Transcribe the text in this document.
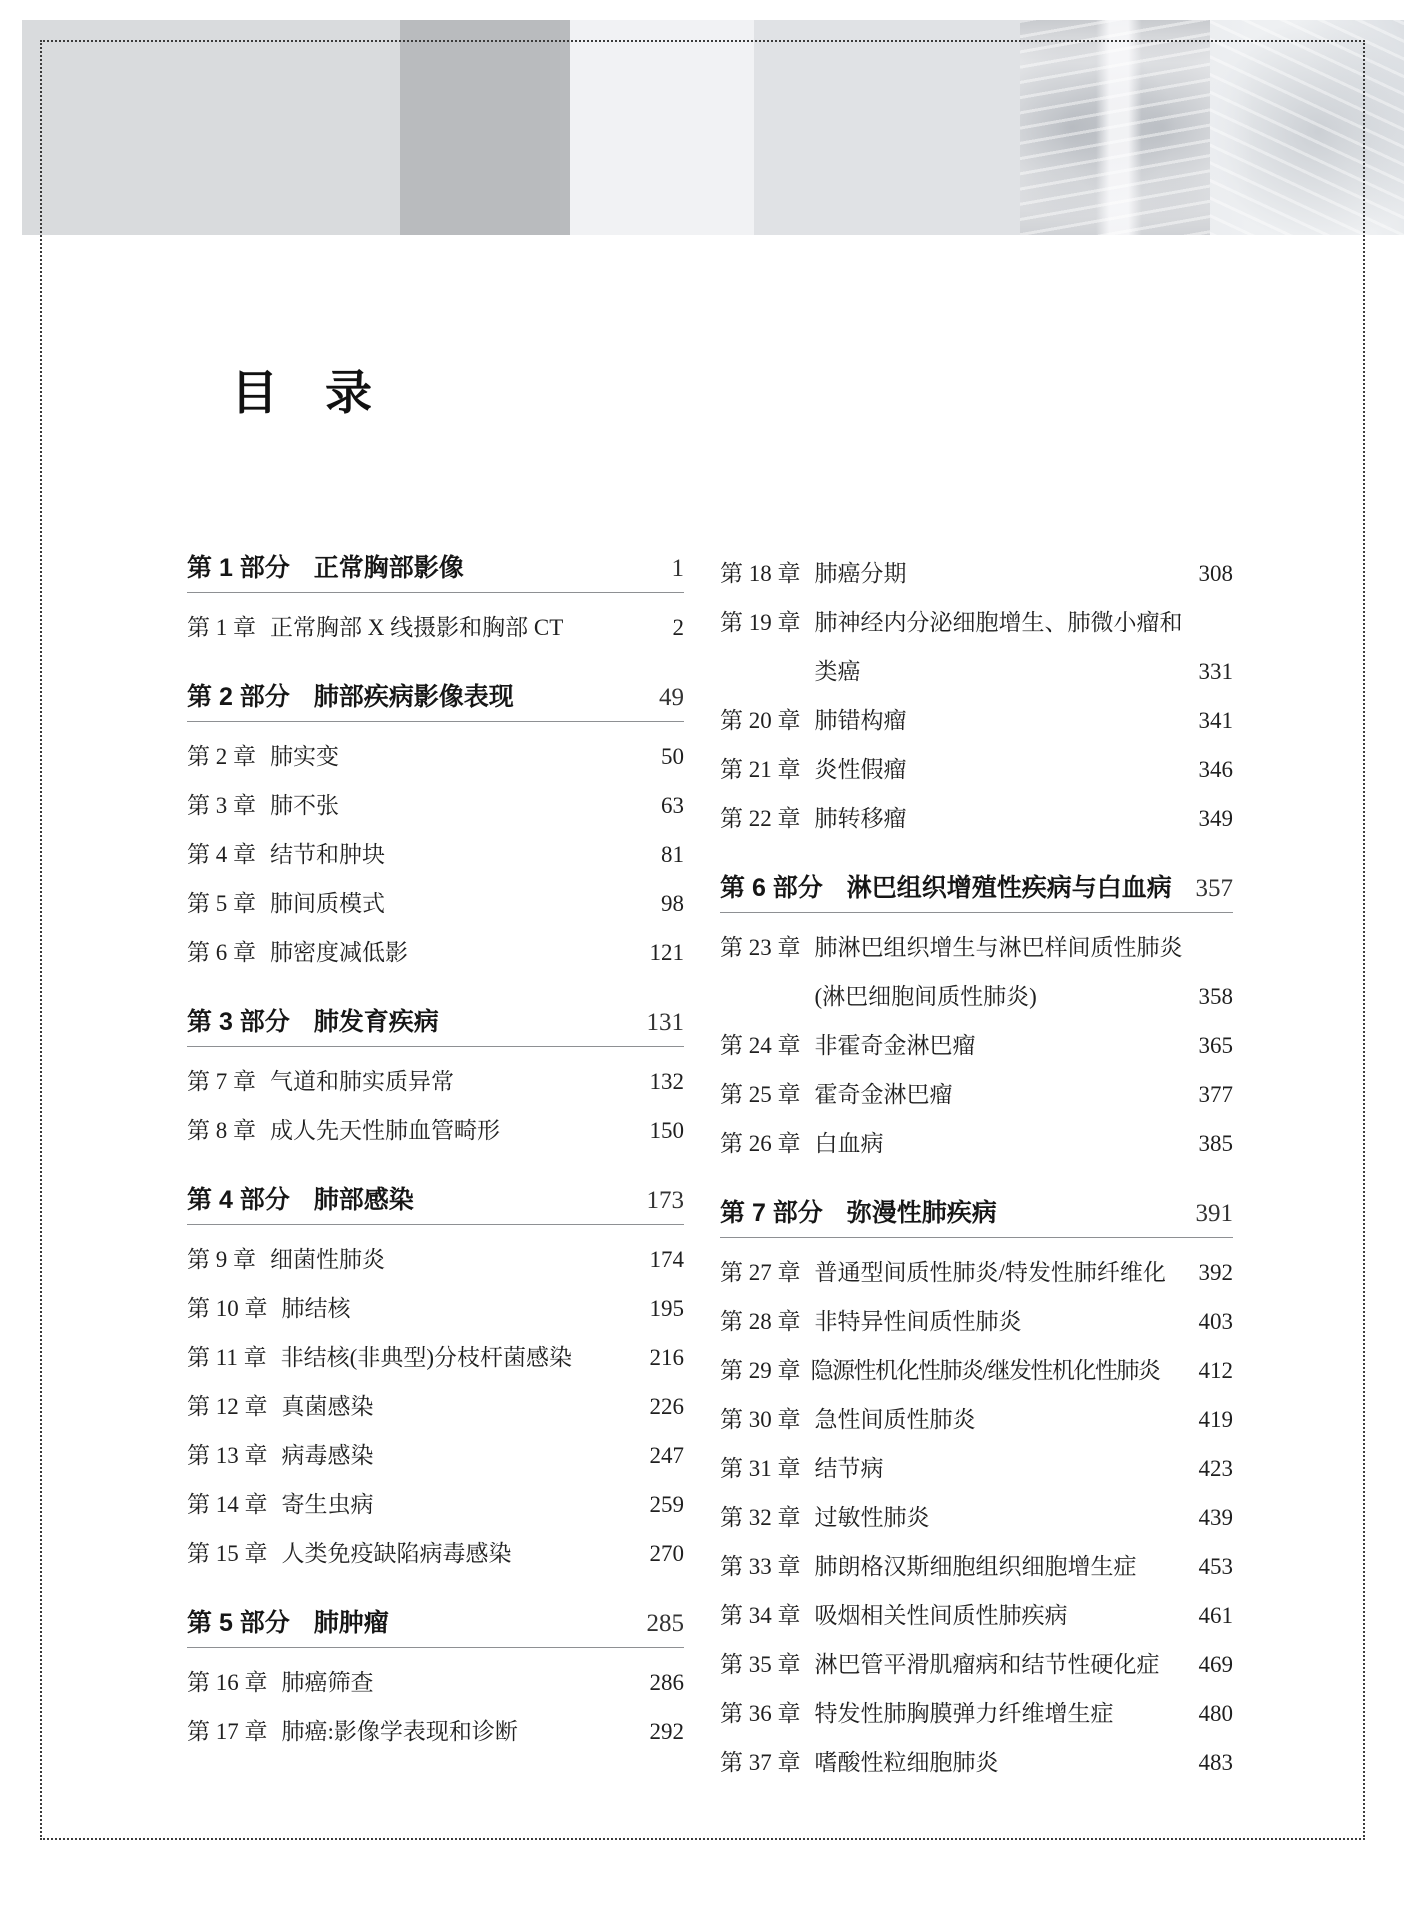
目　录
第 1 部分 正常胸部影像	1
第 1 章 正常胸部 X 线摄影和胸部 CT	2
第 2 部分 肺部疾病影像表现	49
第 2 章 肺实变	50
第 3 章 肺不张	63
第 4 章 结节和肿块	81
第 5 章 肺间质模式	98
第 6 章 肺密度减低影	121
第 3 部分 肺发育疾病	131
第 7 章 气道和肺实质异常	132
第 8 章 成人先天性肺血管畸形	150
第 4 部分 肺部感染	173
第 9 章 细菌性肺炎	174
第 10 章 肺结核	195
第 11 章 非结核(非典型)分枝杆菌感染	216
第 12 章 真菌感染	226
第 13 章 病毒感染	247
第 14 章 寄生虫病	259
第 15 章 人类免疫缺陷病毒感染	270
第 5 部分 肺肿瘤	285
第 16 章 肺癌筛查	286
第 17 章 肺癌:影像学表现和诊断	292
第 18 章 肺癌分期	308
第 19 章 肺神经内分泌细胞增生、肺微小瘤和
类癌	331
第 20 章 肺错构瘤	341
第 21 章 炎性假瘤	346
第 22 章 肺转移瘤	349
第 6 部分 淋巴组织增殖性疾病与白血病 357
第 23 章 肺淋巴组织增生与淋巴样间质性肺炎
(淋巴细胞间质性肺炎)	358
第 24 章 非霍奇金淋巴瘤	365
第 25 章 霍奇金淋巴瘤	377
第 26 章 白血病	385
第 7 部分 弥漫性肺疾病	391
第 27 章 普通型间质性肺炎/特发性肺纤维化	392
第 28 章 非特异性间质性肺炎	403
第 29 章 隐源性机化性肺炎/继发性机化性肺炎 412
第 30 章 急性间质性肺炎	419
第 31 章 结节病	423
第 32 章 过敏性肺炎	439
第 33 章 肺朗格汉斯细胞组织细胞增生症	453
第 34 章 吸烟相关性间质性肺疾病	461
第 35 章 淋巴管平滑肌瘤病和结节性硬化症	469
第 36 章 特发性肺胸膜弹力纤维增生症	480
第 37 章 嗜酸性粒细胞肺炎	483
